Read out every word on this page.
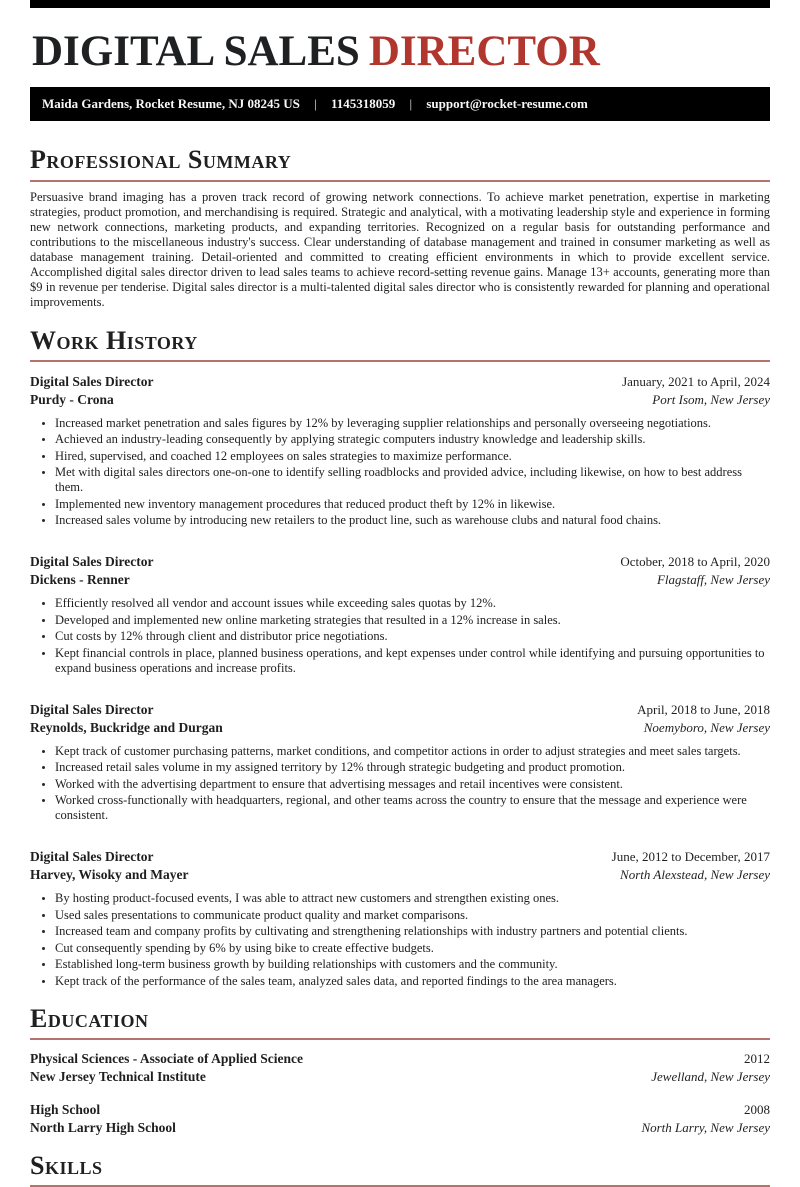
DIGITAL SALES DIRECTOR
Maida Gardens, Rocket Resume, NJ 08245 US | 1145318059 | support@rocket-resume.com
Professional Summary

Persuasive brand imaging has a proven track record of growing network connections. To achieve market penetration, expertise in marketing strategies, product promotion, and merchandising is required. Strategic and analytical, with a motivating leadership style and experience in forming new network connections, marketing products, and expanding territories. Recognized on a regular basis for outstanding performance and contributions to the miscellaneous industry's success. Clear understanding of database management and trained in consumer marketing as well as database management training. Detail-oriented and committed to creating efficient environments in which to provide excellent service. Accomplished digital sales director driven to lead sales teams to achieve record-setting revenue gains. Manage 13+ accounts, generating more than $9 in revenue per tenderise. Digital sales director is a multi-talented digital sales director who is consistently rewarded for planning and operational improvements.

Work History
Digital Sales Director	January, 2021 to April, 2024
Purdy - Crona	Port Isom, New Jersey
• Increased market penetration and sales figures by 12% by leveraging supplier relationships and personally overseeing negotiations.
• Achieved an industry-leading consequently by applying strategic computers industry knowledge and leadership skills.
• Hired, supervised, and coached 12 employees on sales strategies to maximize performance.
• Met with digital sales directors one-on-one to identify selling roadblocks and provided advice, including likewise, on how to best address them.
• Implemented new inventory management procedures that reduced product theft by 12% in likewise.
• Increased sales volume by introducing new retailers to the product line, such as warehouse clubs and natural food chains.
Digital Sales Director	October, 2018 to April, 2020
Dickens - Renner	Flagstaff, New Jersey
• Efficiently resolved all vendor and account issues while exceeding sales quotas by 12%.
• Developed and implemented new online marketing strategies that resulted in a 12% increase in sales.
• Cut costs by 12% through client and distributor price negotiations.
• Kept financial controls in place, planned business operations, and kept expenses under control while identifying and pursuing opportunities to expand business operations and increase profits.
Digital Sales Director	April, 2018 to June, 2018
Reynolds, Buckridge and Durgan	Noemyboro, New Jersey
• Kept track of customer purchasing patterns, market conditions, and competitor actions in order to adjust strategies and meet sales targets.
• Increased retail sales volume in my assigned territory by 12% through strategic budgeting and product promotion.
• Worked with the advertising department to ensure that advertising messages and retail incentives were consistent.
• Worked cross-functionally with headquarters, regional, and other teams across the country to ensure that the message and experience were consistent.
Digital Sales Director	June, 2012 to December, 2017
Harvey, Wisoky and Mayer	North Alexstead, New Jersey
• By hosting product-focused events, I was able to attract new customers and strengthen existing ones.
• Used sales presentations to communicate product quality and market comparisons.
• Increased team and company profits by cultivating and strengthening relationships with industry partners and potential clients.
• Cut consequently spending by 6% by using bike to create effective budgets.
• Established long-term business growth by building relationships with customers and the community.
• Kept track of the performance of the sales team, analyzed sales data, and reported findings to the area managers.
Education
Physical Sciences - Associate of Applied Science	2012
New Jersey Technical Institute	Jewelland, New Jersey
High School	2008
North Larry High School	North Larry, New Jersey
Skills
